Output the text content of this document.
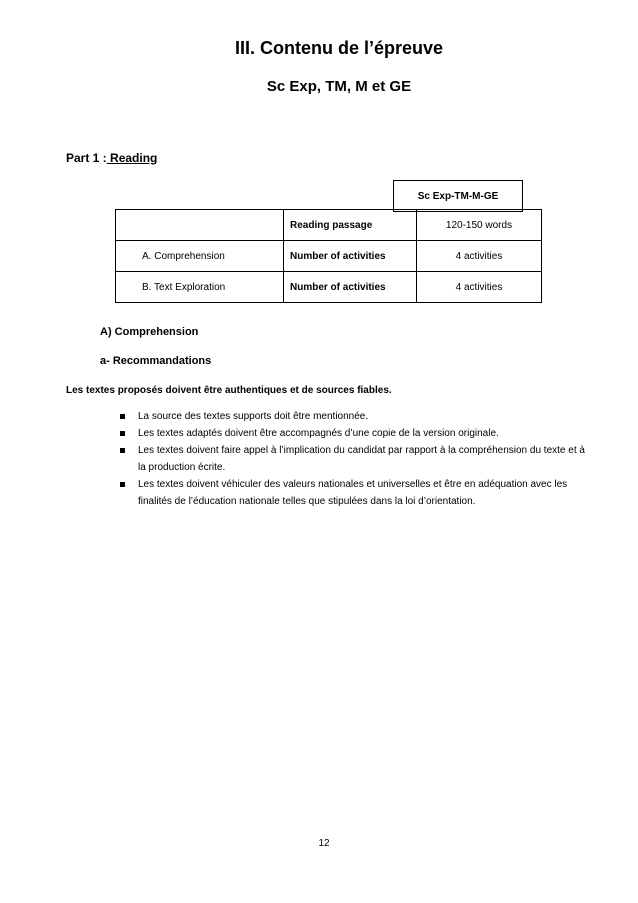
III. Contenu de l’épreuve
Sc Exp, TM, M et GE
Part 1 : Reading
Sc Exp-TM-M-GE
	Reading passage	120-150 words
A. Comprehension	Number of activities	4 activities
B. Text Exploration	Number of activities	4 activities
A) Comprehension
a- Recommandations
Les textes proposés doivent être authentiques et de sources fiables.
La source des textes supports doit être mentionnée.
Les textes adaptés doivent être accompagnés d’une copie de la version originale.
Les textes doivent faire appel à l’implication du candidat par rapport à la compréhension du texte et à la production écrite.
Les textes doivent véhiculer des valeurs nationales et universelles et être en adéquation avec les finalités de l’éducation nationale telles que stipulées dans la loi d’orientation.
12
